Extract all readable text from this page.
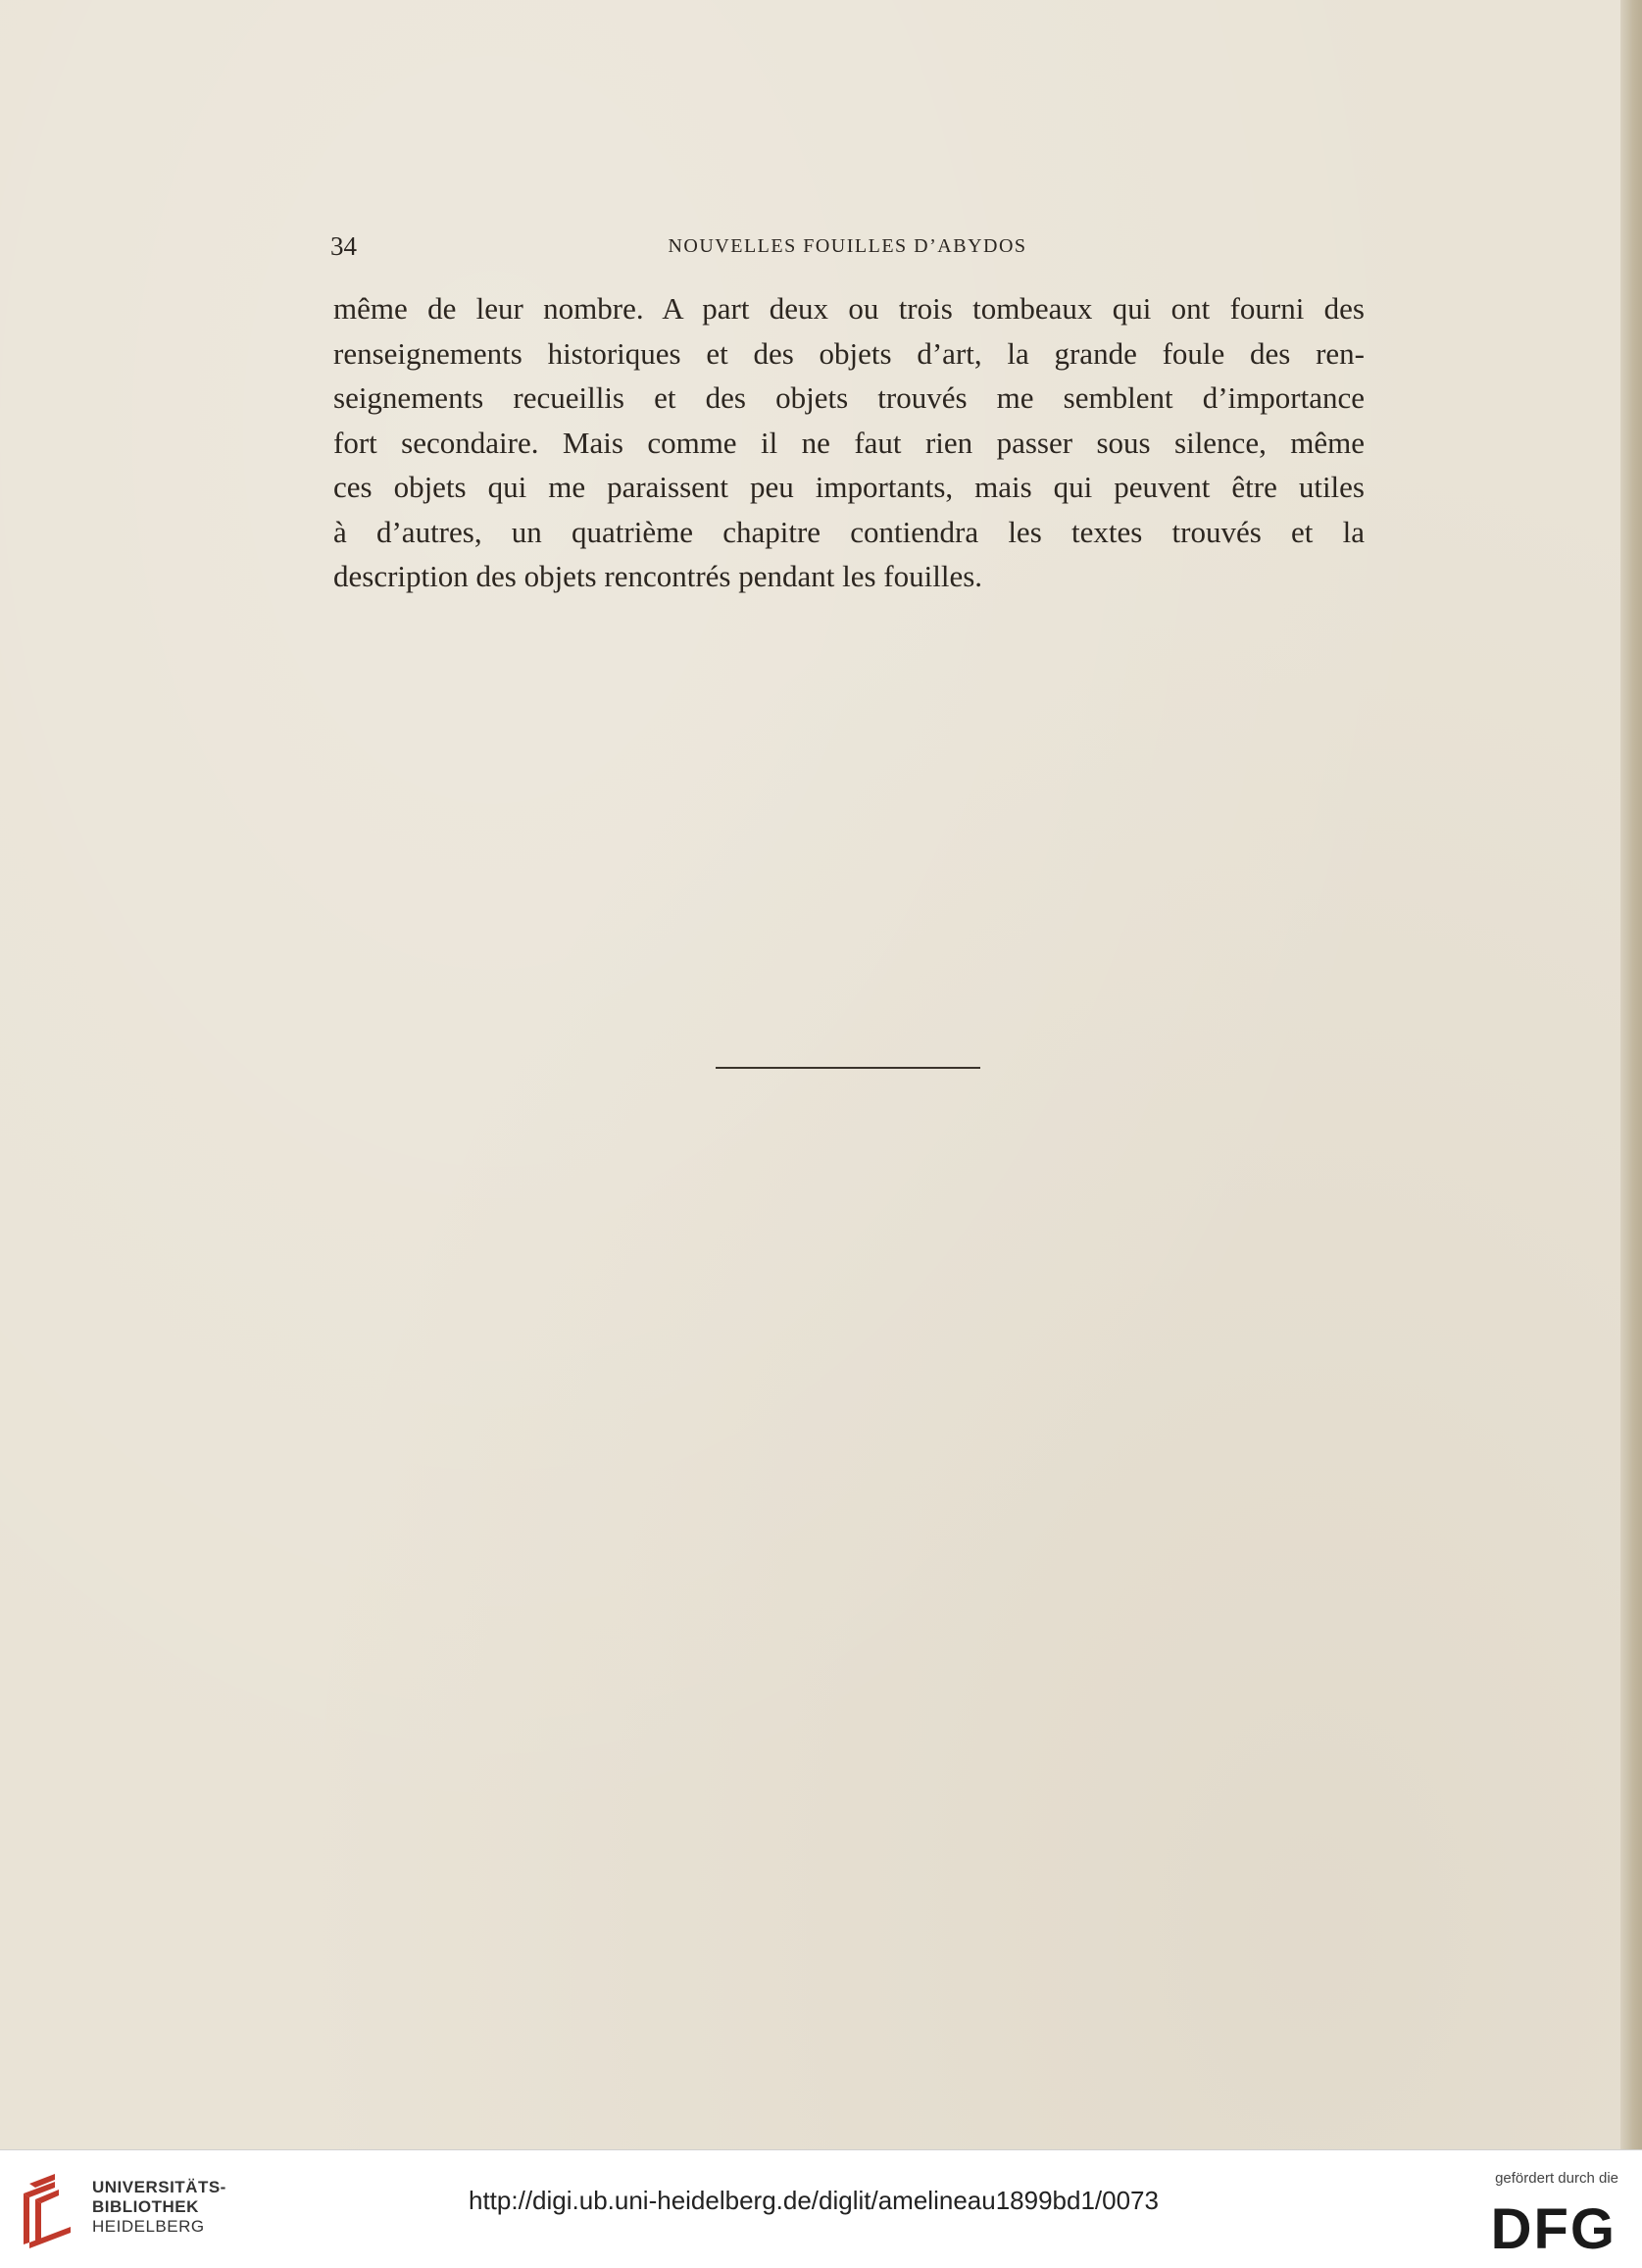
34	NOUVELLES FOUILLES D’ABYDOS
même de leur nombre. A part deux ou trois tombeaux qui ont fourni des
renseignements historiques et des objets d’art, la grande foule des ren-
seignements recueillis et des objets trouvés me semblent d’importance
fort secondaire. Mais comme il ne faut rien passer sous silence, même
ces objets qui me paraissent peu importants, mais qui peuvent être utiles
à d’autres, un quatrième chapitre contiendra les textes trouvés et la
description des objets rencontrés pendant les fouilles.
UNIVERSITÄTS-
BIBLIOTHEK
HEIDELBERG
http://digi.ub.uni-heidelberg.de/diglit/amelineau1899bd1/0073
gefördert durch die
DFG
